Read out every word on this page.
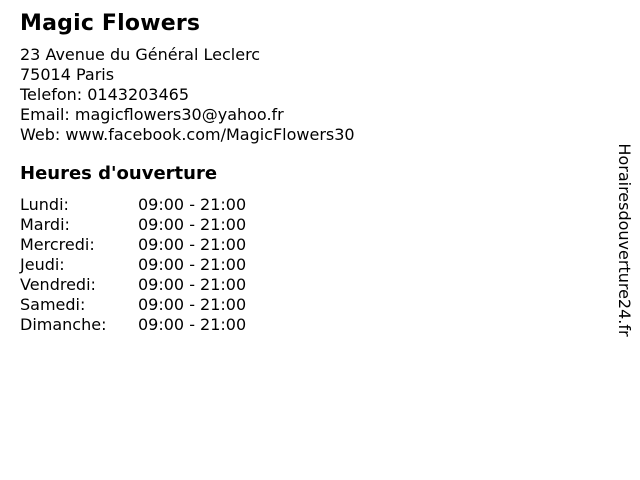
Magic Flowers
23 Avenue du Général Leclerc
75014 Paris
Telefon: 0143203465
Email: magicflowers30@yahoo.fr
Web: www.facebook.com/MagicFlowers30
Heures d'ouverture
Lundi:	09:00 - 21:00
Mardi:	09:00 - 21:00
Mercredi:	09:00 - 21:00
Jeudi:	09:00 - 21:00
Vendredi:	09:00 - 21:00
Samedi:	09:00 - 21:00
Dimanche:	09:00 - 21:00	Horairesdouverture24.fr
